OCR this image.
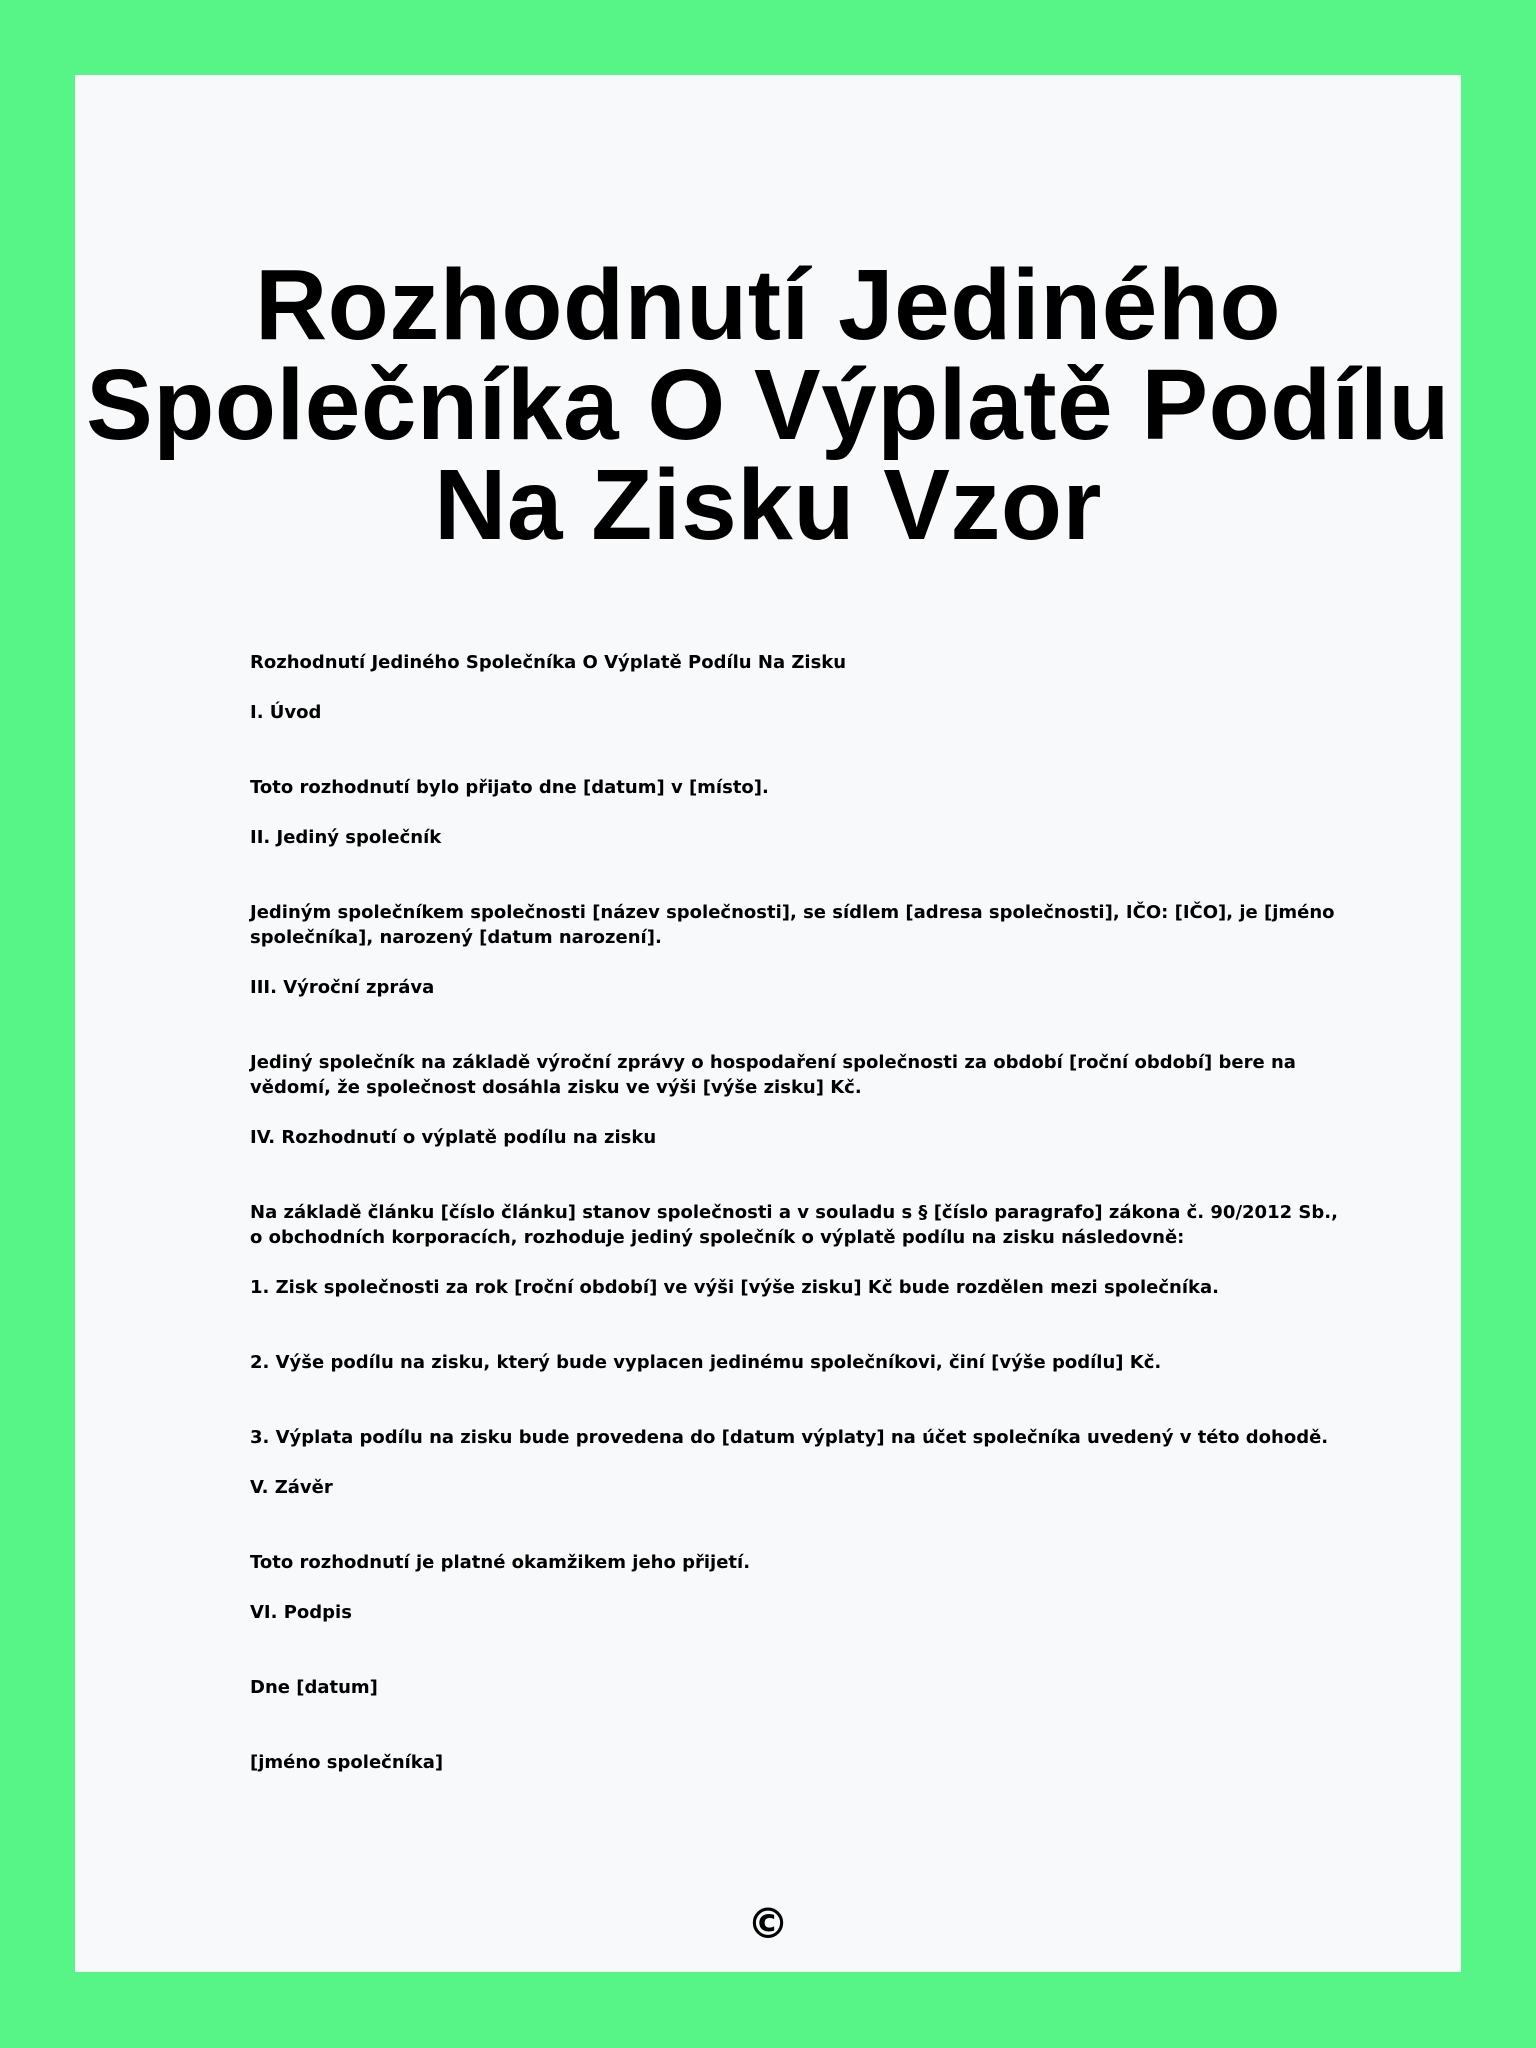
Rozhodnutí Jediného Společníka O Výplatě Podílu Na Zisku Vzor

Rozhodnutí Jediného Společníka O Výplatě Podílu Na Zisku

I. Úvod

Toto rozhodnutí bylo přijato dne [datum] v [místo].

II. Jediný společník

Jediným společníkem společnosti [název společnosti], se sídlem [adresa společnosti], IČO: [IČO], je [jméno společníka], narozený [datum narození].

III. Výroční zpráva

Jediný společník na základě výroční zprávy o hospodaření společnosti za období [roční období] bere na vědomí, že společnost dosáhla zisku ve výši [výše zisku] Kč.

IV. Rozhodnutí o výplatě podílu na zisku

Na základě článku [číslo článku] stanov společnosti a v souladu s § [číslo paragrafo] zákona č. 90/2012 Sb., o obchodních korporacích, rozhoduje jediný společník o výplatě podílu na zisku následovně:

1. Zisk společnosti za rok [roční období] ve výši [výše zisku] Kč bude rozdělen mezi společníka.

2. Výše podílu na zisku, který bude vyplacen jedinému společníkovi, činí [výše podílu] Kč.

3. Výplata podílu na zisku bude provedena do [datum výplaty] na účet společníka uvedený v této dohodě.

V. Závěr

Toto rozhodnutí je platné okamžikem jeho přijetí.

VI. Podpis

Dne [datum]

[jméno společníka]

©
